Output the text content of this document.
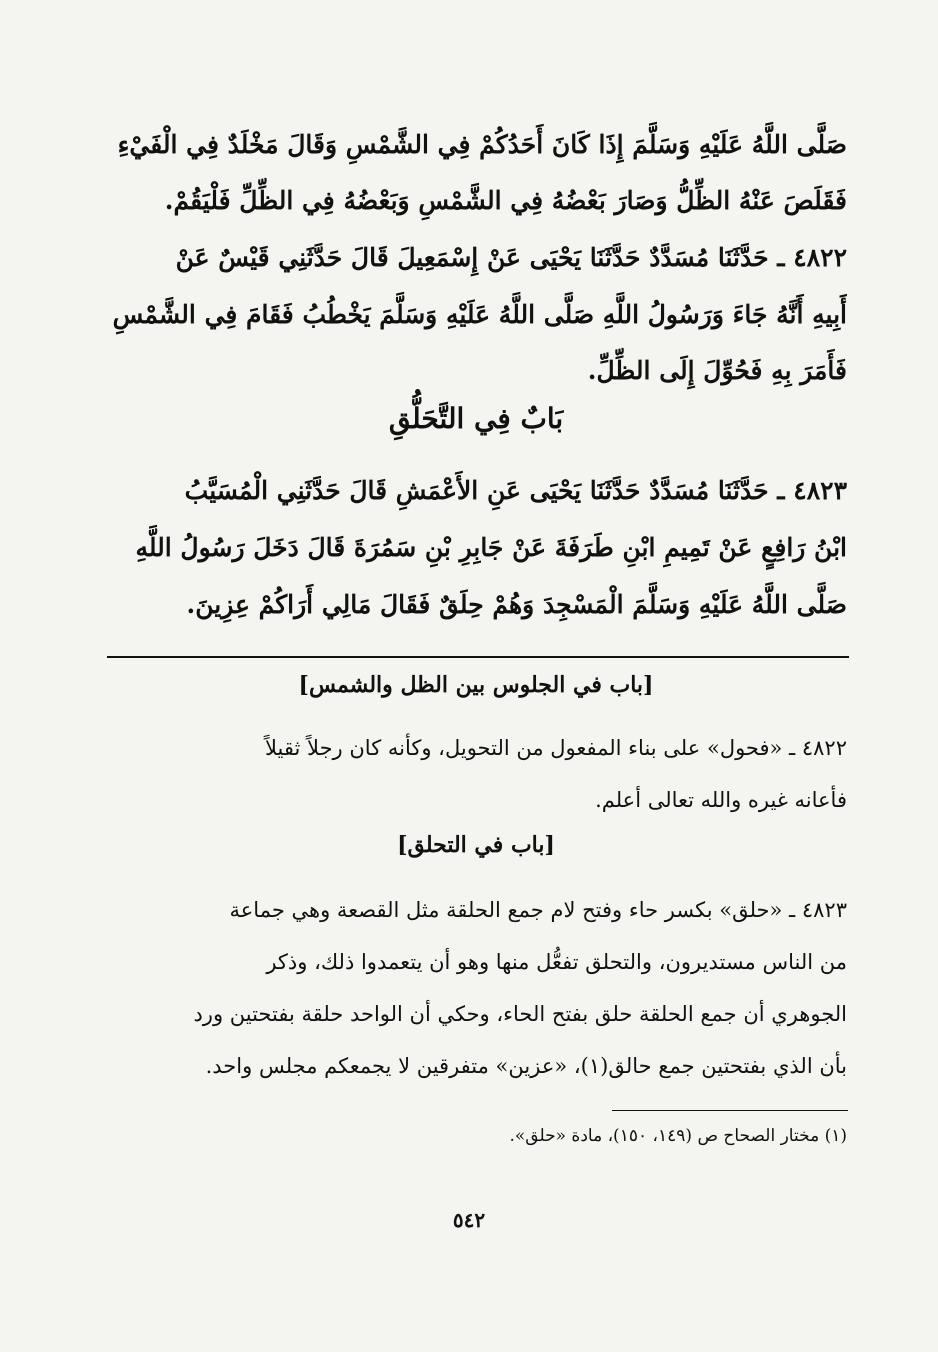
صَلَّى اللَّهُ عَلَيْهِ وَسَلَّمَ إِذَا كَانَ أَحَدُكُمْ فِي الشَّمْسِ وَقَالَ مَخْلَدٌ فِي الْفَيْءِ
فَقَلَصَ عَنْهُ الظِّلُّ وَصَارَ بَعْضُهُ فِي الشَّمْسِ وَبَعْضُهُ فِي الظِّلِّ فَلْيَقُمْ.
٤٨٢٢ ـ حَدَّثَنَا مُسَدَّدٌ حَدَّثَنَا يَحْيَى عَنْ إِسْمَعِيلَ قَالَ حَدَّثَنِي قَيْسٌ عَنْ
أَبِيهِ أَنَّهُ جَاءَ وَرَسُولُ اللَّهِ صَلَّى اللَّهُ عَلَيْهِ وَسَلَّمَ يَخْطُبُ فَقَامَ فِي الشَّمْسِ
فَأَمَرَ بِهِ فَحُوِّلَ إِلَى الظِّلِّ.
بَابٌ فِي التَّحَلُّقِ
٤٨٢٣ ـ حَدَّثَنَا مُسَدَّدٌ حَدَّثَنَا يَحْيَى عَنِ الأَعْمَشِ قَالَ حَدَّثَنِي الْمُسَيَّبُ
ابْنُ رَافِعٍ عَنْ تَمِيمِ ابْنِ طَرَفَةَ عَنْ جَابِرِ بْنِ سَمُرَةَ قَالَ دَخَلَ رَسُولُ اللَّهِ
صَلَّى اللَّهُ عَلَيْهِ وَسَلَّمَ الْمَسْجِدَ وَهُمْ حِلَقٌ فَقَالَ مَالِي أَرَاكُمْ عِزِينَ.
[باب في الجلوس بين الظل والشمس]
٤٨٢٢ ـ «فحول» على بناء المفعول من التحويل، وكأنه كان رجلاً ثقيلاً
فأعانه غيره والله تعالى أعلم.
[باب في التحلق]
٤٨٢٣ ـ «حلق» بكسر حاء وفتح لام جمع الحلقة مثل القصعة وهي جماعة
من الناس مستديرون، والتحلق تفعُّل منها وهو أن يتعمدوا ذلك، وذكر
الجوهري أن جمع الحلقة حلق بفتح الحاء، وحكي أن الواحد حلقة بفتحتين ورد
بأن الذي بفتحتين جمع حالق(١)، «عزين» متفرقين لا يجمعكم مجلس واحد.
(١) مختار الصحاح ص (١٤٩، ١٥٠)، مادة «حلق».
٥٤٢
